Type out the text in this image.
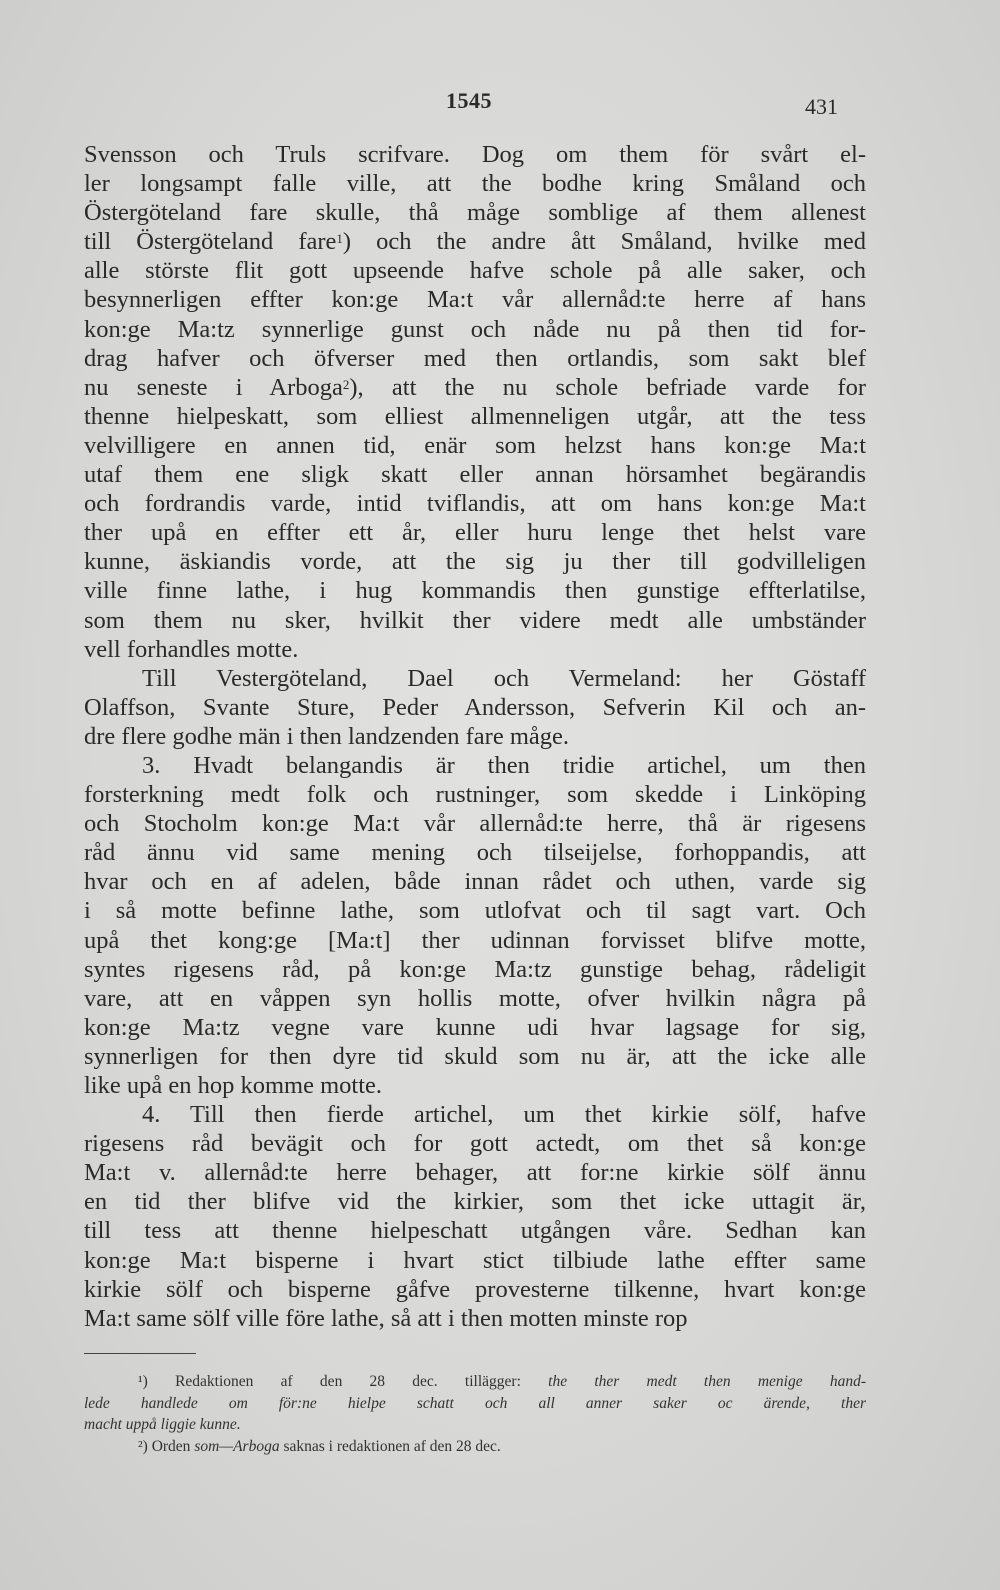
1545	431
Svensson och Truls scrifvare. Dog om them för svårt el-
ler longsampt falle ville, att the bodhe kring Småland och
Östergöteland fare skulle, thå måge somblige af them allenest
till Östergöteland fare$^1$) och the andre ått Småland, hvilke med
alle störste flit gott upseende hafve schole på alle saker, och
besynnerligen effter kon:ge Ma:t vår allernåd:te herre af hans
kon:ge Ma:tz synnerlige gunst och nåde nu på then tid for-
drag hafver och öfverser med then ortlandis, som sakt blef
nu seneste i Arboga$^2$), att the nu schole befriade varde for
thenne hielpeskatt, som elliest allmenneligen utgår, att the tess
velvilligere en annen tid, enär som helzst hans kon:ge Ma:t
utaf them ene sligk skatt eller annan hörsamhet begärandis
och fordrandis varde, intid tviflandis, att om hans kon:ge Ma:t
ther upå en effter ett år, eller huru lenge thet helst vare
kunne, äskiandis vorde, att the sig ju ther till godvilleligen
ville finne lathe, i hug kommandis then gunstige effterlatilse,
som them nu sker, hvilkit ther videre medt alle umbständer
vell forhandles motte.
Till Vestergöteland, Dael och Vermeland: her Göstaff
Olaffson, Svante Sture, Peder Andersson, Sefverin Kil och an-
dre flere godhe män i then landzenden fare måge.
3. Hvadt belangandis är then tridie artichel, um then
forsterkning medt folk och rustninger, som skedde i Linköping
och Stocholm kon:ge Ma:t vår allernåd:te herre, thå är rigesens
råd ännu vid same mening och tilseijelse, forhoppandis, att
hvar och en af adelen, både innan rådet och uthen, varde sig
i så motte befinne lathe, som utlofvat och til sagt vart. Och
upå thet kong:ge [Ma:t] ther udinnan forvisset blifve motte,
syntes rigesens råd, på kon:ge Ma:tz gunstige behag, rådeligit
vare, att en våppen syn hollis motte, ofver hvilkin några på
kon:ge Ma:tz vegne vare kunne udi hvar lagsage for sig,
synnerligen for then dyre tid skuld som nu är, att the icke alle
like upå en hop komme motte.
4. Till then fierde artichel, um thet kirkie sölf, hafve
rigesens råd bevägit och for gott actedt, om thet så kon:ge
Ma:t v. allernåd:te herre behager, att for:ne kirkie sölf ännu
en tid ther blifve vid the kirkier, som thet icke uttagit är,
till tess att thenne hielpeschatt utgången våre. Sedhan kan
kon:ge Ma:t bisperne i hvart stict tilbiude lathe effter same
kirkie sölf och bisperne gåfve provesterne tilkenne, hvart kon:ge
Ma:t same sölf ville före lathe, så att i then motten minste rop
¹) Redaktionen af den 28 dec. tillägger: the ther medt then menige hand-
lede handlede om för:ne hielpe schatt och all anner saker oc ärende, ther
macht uppå liggie kunne.
²) Orden som—Arboga saknas i redaktionen af den 28 dec.
